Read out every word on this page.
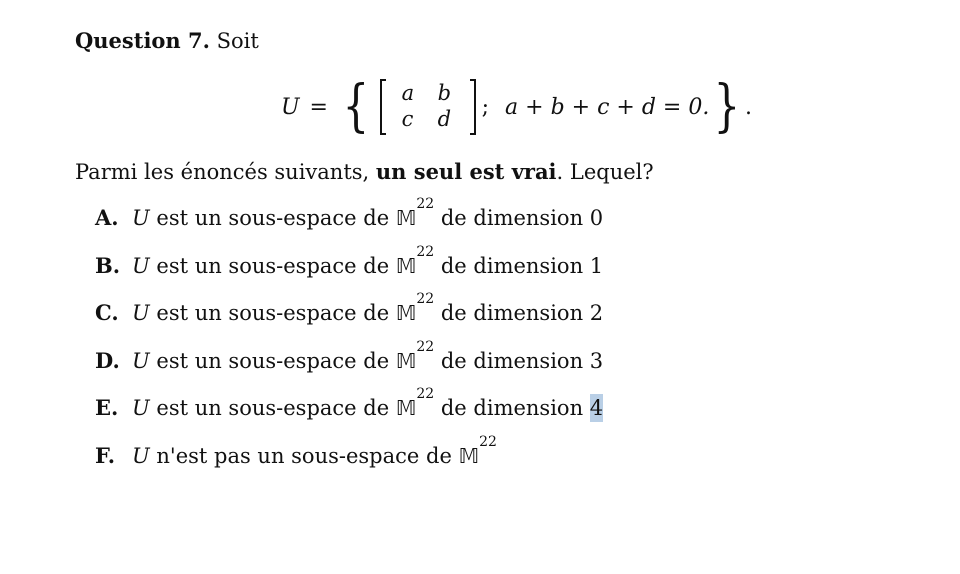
Question 7. Soit
U = { a b
c d ; a + b + c + d = 0. } .
Parmi les énoncés suivants, un seul est vrai. Lequel?
A. U
est un sous-espace de
𝕄
22

de dimension
0
B. U
est un sous-espace de
𝕄
22

de dimension
1
C. U
est un sous-espace de
𝕄
22

de dimension
2
D. U
est un sous-espace de
𝕄
22

de dimension
3
E. U
est un sous-espace de
𝕄
22

de dimension
4
F. U
n'est pas un sous-espace de
𝕄
22
